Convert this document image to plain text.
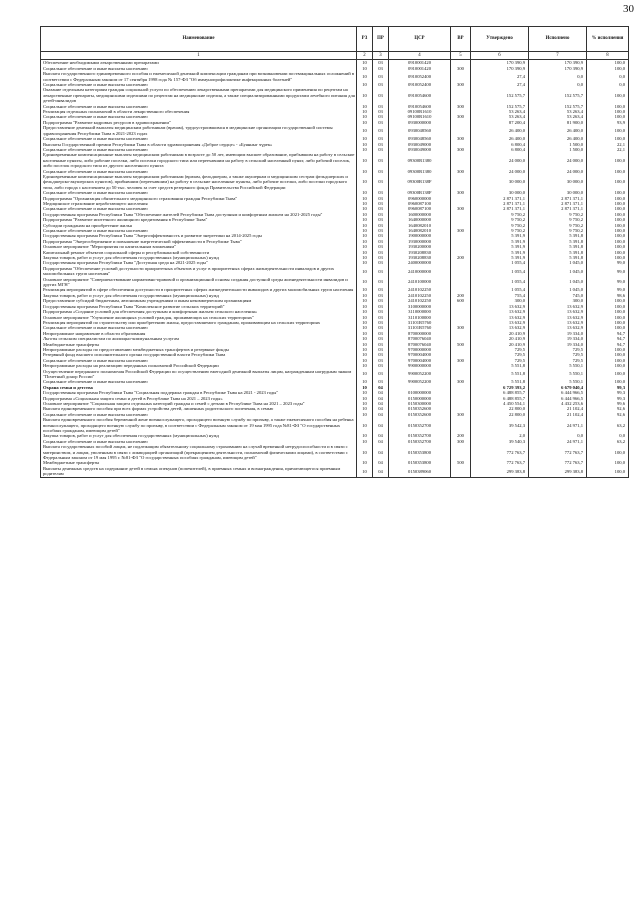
30
Наименование	РЗ	ПР	ЦСР	ВР	Утверждено	Исполнено	% исполнения
1	2	3	4	5	6	7	8
Обеспечение необходимыми лекарственными препаратами	10	03	0910001420		170 390,9	170 390,9	100,0
Социальное обеспечение и иные выплаты населению	10	03	0910001420	300	170 390,9	170 390,9	100,0
Выплата государственного единовременного пособия и ежемесячной денежной компенсации гражданам при возникновении поствакцинальных осложнений в соответствии с Федеральным законом от 17 сентября 1998 года № 157-ФЗ "Об иммунопрофилактике инфекционных болезней"	10	03	0910052400		27,4	0,0	0,0
Социальное обеспечение и иные выплаты населению	10	03	0910052400	300	27,4	0,0	0,0
Оказание отдельным категориям граждан социальной услуги по обеспечению лекарственными препаратами для медицинского применения по рецептам на лекарственные препараты, медицинскими изделиями по рецептам на медицинские изделия, а также специализированными продуктами лечебного питания для детей-инвалидов	10	03	0910054600		152 575,7	152 575,7	100,0
Социальное обеспечение и иные выплаты населению	10	03	0910054600	300	152 575,7	152 575,7	100,0
Реализация отдельных полномочий в области лекарственного обеспечения	10	03	09100R1610		53 263,4	53 263,4	100,0
Социальное обеспечение и иные выплаты населению	10	03	09100R1610	300	53 263,4	53 263,4	100,0
Подпрограмма "Развитие кадровых ресурсов в здравоохранении"	10	03	0930000000		87 200,4	81 900,0	93,9
Предоставление денежной выплаты медицинским работникам (врачам), трудоустроившимся в медицинские организации государственной системы здравоохранения Республики Тыва в 2021-2023 годах	10	03	0930048560		26 400,0	26 400,0	100,0
Социальное обеспечение и иные выплаты населению	10	03	0930048560	300	26 400,0	26 400,0	100,0
Выплаты Государственной премии Республики Тыва в области здравоохранения «Доброе сердце» - «Буянныг чүрек»	10	03	0930049000		6 800,4	1 500,0	22,1
Социальное обеспечение и иные выплаты населению	10	03	0930049000	300	6 800,4	1 500,0	22,1
Единовременные компенсационные выплаты медицинским работникам в возрасте до 50 лет, имеющим высшее образование, прибывшим на работу в сельские населенные пункты, либо рабочие поселки, либо поселки городского типа или переехавшим на работу в сельский населенный пункт, либо рабочий поселок, либо поселок городского типа из другого населенного пункта	10	03	09300R1380		24 000,0	24 000,0	100,0
Социальное обеспечение и иные выплаты населению	10	03	09300R1380	300	24 000,0	24 000,0	100,0
Единовременные компенсационные выплаты медицинским работникам (врачам, фельдшерам, а также акушеркам и медицинским сестрам фельдшерских и фельдшерско-акушерских пунктов), прибывшим (переехавшим) на работу в сельские населенные пункты, либо рабочие поселки, либо поселки городского типа, либо города с населением до 50 тыс. человек за счет средств резервного фонда Правительства Российской Федерации	10	03	09300R138F		30 000,0	30 000,0	100,0
Социальное обеспечение и иные выплаты населению	10	03	09300R138F	300	30 000,0	30 000,0	100,0
Подпрограмма "Организация обязательного медицинского страхования граждан Республики Тыва"	10	03	0960000000		2 871 371,1	2 871 371,1	100,0
Медицинское страхование неработающего населения	10	03	0960087100		2 871 371,1	2 871 371,1	100,0
Социальное обеспечение и иные выплаты населению	10	03	0960087100	300	2 871 371,1	2 871 371,1	100,0
Государственная программа Республики Тыва "Обеспечение жителей Республики Тыва доступным и комфортным жильем на 2021-2025 годы"	10	03	1600000000		9 750,2	9 750,2	100,0
Подпрограмма "Развитие ипотечного жилищного кредитования в Республике Тыва"	10	03	1640000000		9 750,2	9 750,2	100,0
Субсидии гражданам на приобретение жилья	10	03	1640082010		9 750,2	9 750,2	100,0
Социальное обеспечение и иные выплаты населению	10	03	1640082010	300	9 750,2	9 750,2	100,0
Государственная программа Республики Тыва "Энергоэффективность и развитие энергетики на 2014-2025 годы	10	03	1900000000		5 391,9	5 391,8	100,0
Подпрограмма "Энергосбережение и повышение энергетической эффективности в Республике Тыва"	10	03	1930000000		5 391,9	5 391,8	100,0
Основное мероприятие "Мероприятия по капитальным вложениям"	10	03	1930200000		5 391,9	5 391,8	100,0
Капитальный ремонт объектов социальной сферы и республиканской собственности	10	03	1930208830		5 391,9	5 391,8	100,0
Закупка товаров, работ и услуг для обеспечения государственных (муниципальных) нужд	10	03	1930208830	200	5 391,9	5 391,8	100,0
Государственная программа Республики Тыва "Доступная среда на 2021-2025 годы"	10	03	2400000000		1 055,4	1 045,0	99,0
Подпрограмма "Обеспечение условий доступности приоритетных объектов и услуг в приоритетных сферах жизнедеятельности инвалидов и других маломобильных групп населения"	10	03	2410000000		1 055,4	1 045,0	99,0
Основное мероприятие "Совершенствование нормативно-правовой и организационной основы создания доступной среды жизнедеятельности инвалидов и других МГН"	10	03	2410100000		1 055,4	1 045,0	99,0
Реализация мероприятий в сфере обеспечения доступности в приоритетных сферах жизнедеятельности инвалидов и других маломобильных групп населения	10	03	2410102250		1 055,4	1 045,0	99,0
Закупка товаров, работ и услуг для обеспечения государственных (муниципальных) нужд	10	03	2410102250	200	755,4	745,0	98,6
Предоставление субсидий бюджетным, автономным учреждениям и иным некоммерческим организациям	10	03	2410102250	600	300,0	300,0	100,0
Государственная программа Республики Тыва "Комплексное развитие сельских территорий"	10	03	3100000000		13 632,9	13 632,9	100,0
Подпрограмма «Создание условий для обеспечения доступным и комфортным жильем сельского населения»	10	03	3110000000		13 632,9	13 632,9	100,0
Основное мероприятие "Улучшение жилищных условий граждан, проживающих на сельских территориях"	10	03	3110100000		13 632,9	13 632,9	100,0
Реализация мероприятий по строительству или приобретению жилья, предоставляемого гражданам, проживающим на сельских территориях	10	03	31101R5760		13 632,9	13 632,9	100,0
Социальное обеспечение и иные выплаты населению	10	03	31101R5760	300	13 632,9	13 632,9	100,0
Непрограммное направление в области образования	10	03	8700000000		20 410,9	19 334,0	94,7
Льготы сельским специалистам по жилищно-коммунальным услугам	10	03	8700076040		20 410,9	19 334,0	94,7
Межбюджетные трансферты	10	03	8700076040	500	20 410,9	19 334,0	94,7
Непрограммные расходы по предоставлению межбюджетных трансфертов и резервные фонды	10	03	9700000000		729,5	729,5	100,0
Резервный фонд высшего исполнительного органа государственной власти Республики Тыва	10	03	9700004000		729,5	729,5	100,0
Социальное обеспечение и иные выплаты населению	10	03	9700004000	300	729,5	729,5	100,0
Непрограммные расходы на реализацию переданных полномочий Российской Федерации	10	03	9900000000		5 551,8	5 550,1	100,0
Осуществление переданного полномочия Российской Федерации по осуществлению ежегодной денежной выплаты лицам, награжденным нагрудным знаком "Почетный донор России"	10	03	9900052200		5 551,8	5 550,1	100,0
Социальное обеспечение и иные выплаты населению	10	03	9900052200	300	5 551,8	5 550,1	100,0
Охрана семьи и детства	10	04			6 729 393,2	6 679 040,4	99,3
Государственная программа Республики Тыва "Социальная поддержка граждан в Республике Тыва на 2021 - 2023 годы"	10	04	0100000000		6 488 855,7	6 444 966,5	99,3
Подпрограмма «Социальная защита семьи и детей в Республике Тыва на 2021 – 2023 годы»	10	04	0150000000		6 488 855,7	6 444 966,5	99,3
Основное мероприятие "Социальная защита отдельных категорий граждан и семей с детьми в Республике Тыва на 2021 – 2023 годы"	10	04	0150300000		4 450 554,1	4 432 253,6	99,6
Выплата единовременного пособия при всех формах устройства детей, лишенных родительского попечения, в семью	10	04	0150352600		22 800,0	21 102,4	92,6
Социальное обеспечение и иные выплаты населению	10	04	0150352600	300	22 800,0	21 102,4	92,6
Выплата единовременного пособия беременной жене военнослужащего, проходящего военную службу по призыву, а также ежемесячного пособия на ребенка военнослужащего, проходящего военную службу по призыву, в соответствии с Федеральным законом от 19 мая 1995 года №81-ФЗ "О государственных пособиях гражданам, имеющим детей"	10	04	0150352700		39 542,3	24 971,1	63,2
Закупка товаров, работ и услуг для обеспечения государственных (муниципальных) нужд	10	04	0150352700	200	2,0	0,0	0,0
Социальное обеспечение и иные выплаты населению	10	04	0150352700	300	39 540,3	24 971,1	63,2
Выплата государственных пособий лицам, не подлежащим обязательному социальному страхованию на случай временной нетрудоспособности и в связи с материнством, и лицам, уволенным в связи с ликвидацией организаций (прекращением деятельности, полномочий физическими лицами), в соответствии с Федеральным законом от 19 мая 1995 г. №81-ФЗ "О государственных пособиях гражданам, имеющим детей"	10	04	0150353800		772 763,7	772 763,7	100,0
Межбюджетные трансферты	10	04	0150353800	500	772 763,7	772 763,7	100,0
Выплаты денежных средств на содержание детей в семьях опекунов (попечителей), в приемных семьях и вознаграждения, причитающегося приемным родителям	10	04	0150389060		299 383,8	299 383,8	100,0
